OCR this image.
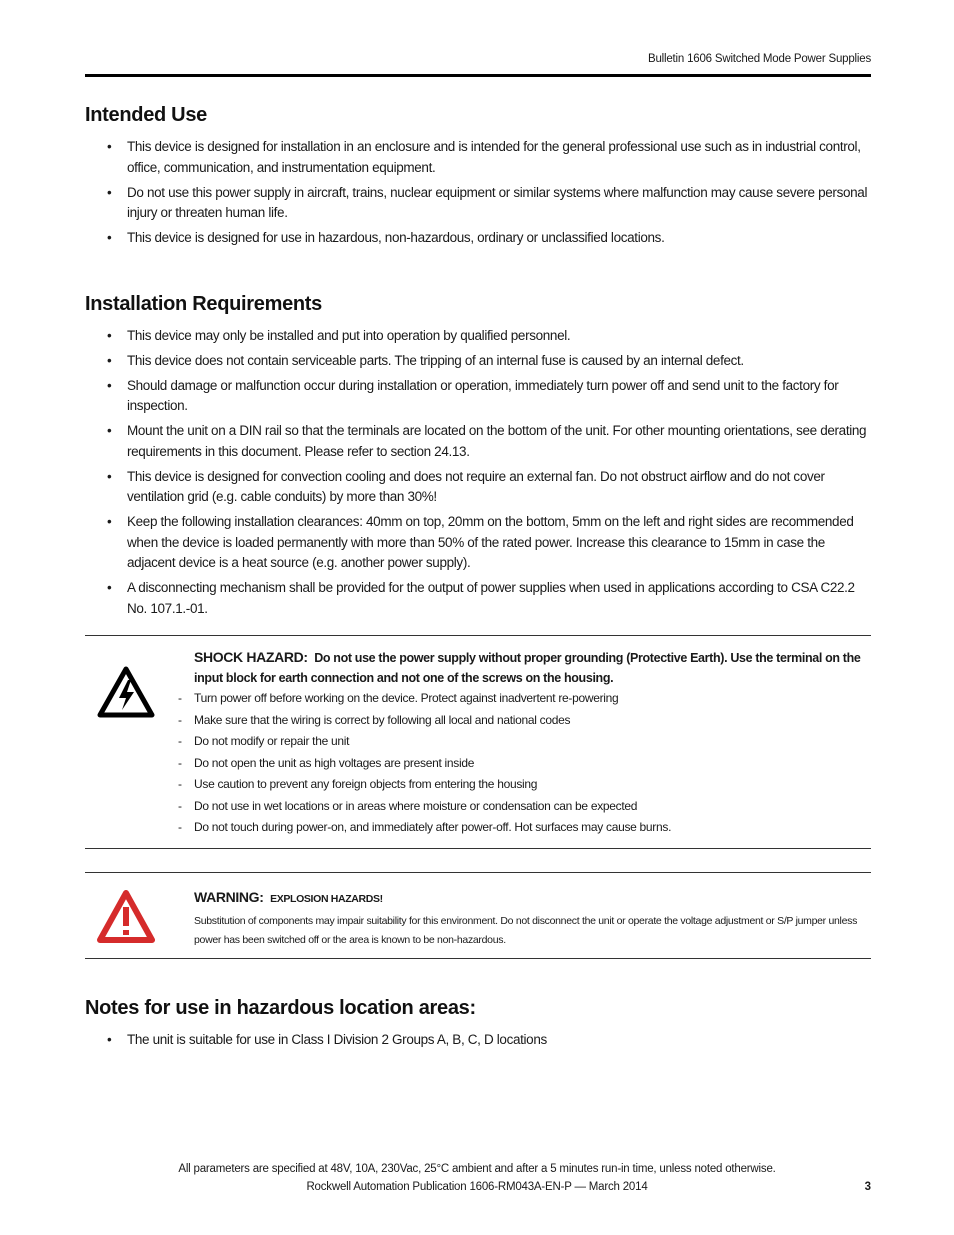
Bulletin 1606 Switched Mode Power Supplies
Intended Use
• This device is designed for installation in an enclosure and is intended for the general professional use such as in industrial control, office, communication, and instrumentation equipment.
• Do not use this power supply in aircraft, trains, nuclear equipment or similar systems where malfunction may cause severe personal injury or threaten human life.
• This device is designed for use in hazardous, non-hazardous, ordinary or unclassified locations.
Installation Requirements
• This device may only be installed and put into operation by qualified personnel.
• This device does not contain serviceable parts. The tripping of an internal fuse is caused by an internal defect.
• Should damage or malfunction occur during installation or operation, immediately turn power off and send unit to the factory for inspection.
• Mount the unit on a DIN rail so that the terminals are located on the bottom of the unit. For other mounting orientations, see derating requirements in this document. Please refer to section 24.13.
• This device is designed for convection cooling and does not require an external fan. Do not obstruct airflow and do not cover ventilation grid (e.g. cable conduits) by more than 30%!
• Keep the following installation clearances: 40mm on top, 20mm on the bottom, 5mm on the left and right sides are recommended when the device is loaded permanently with more than 50% of the rated power. Increase this clearance to 15mm in case the adjacent device is a heat source (e.g. another power supply).
• A disconnecting mechanism shall be provided for the output of power supplies when used in applications according to CSA C22.2 No. 107.1.-01.
SHOCK HAZARD: Do not use the power supply without proper grounding (Protective Earth). Use the terminal on the input block for earth connection and not one of the screws on the housing.
- Turn power off before working on the device. Protect against inadvertent re-powering
- Make sure that the wiring is correct by following all local and national codes
- Do not modify or repair the unit
- Do not open the unit as high voltages are present inside
- Use caution to prevent any foreign objects from entering the housing
- Do not use in wet locations or in areas where moisture or condensation can be expected
- Do not touch during power-on, and immediately after power-off. Hot surfaces may cause burns.
WARNING: EXPLOSION HAZARDS!
Substitution of components may impair suitability for this environment. Do not disconnect the unit or operate the voltage adjustment or S/P jumper unless power has been switched off or the area is known to be non-hazardous.
Notes for use in hazardous location areas:
• The unit is suitable for use in Class I Division 2 Groups A, B, C, D locations
All parameters are specified at 48V, 10A, 230Vac, 25°C ambient and after a 5 minutes run-in time, unless noted otherwise.
Rockwell Automation Publication 1606-RM043A-EN-P — March 2014	3
